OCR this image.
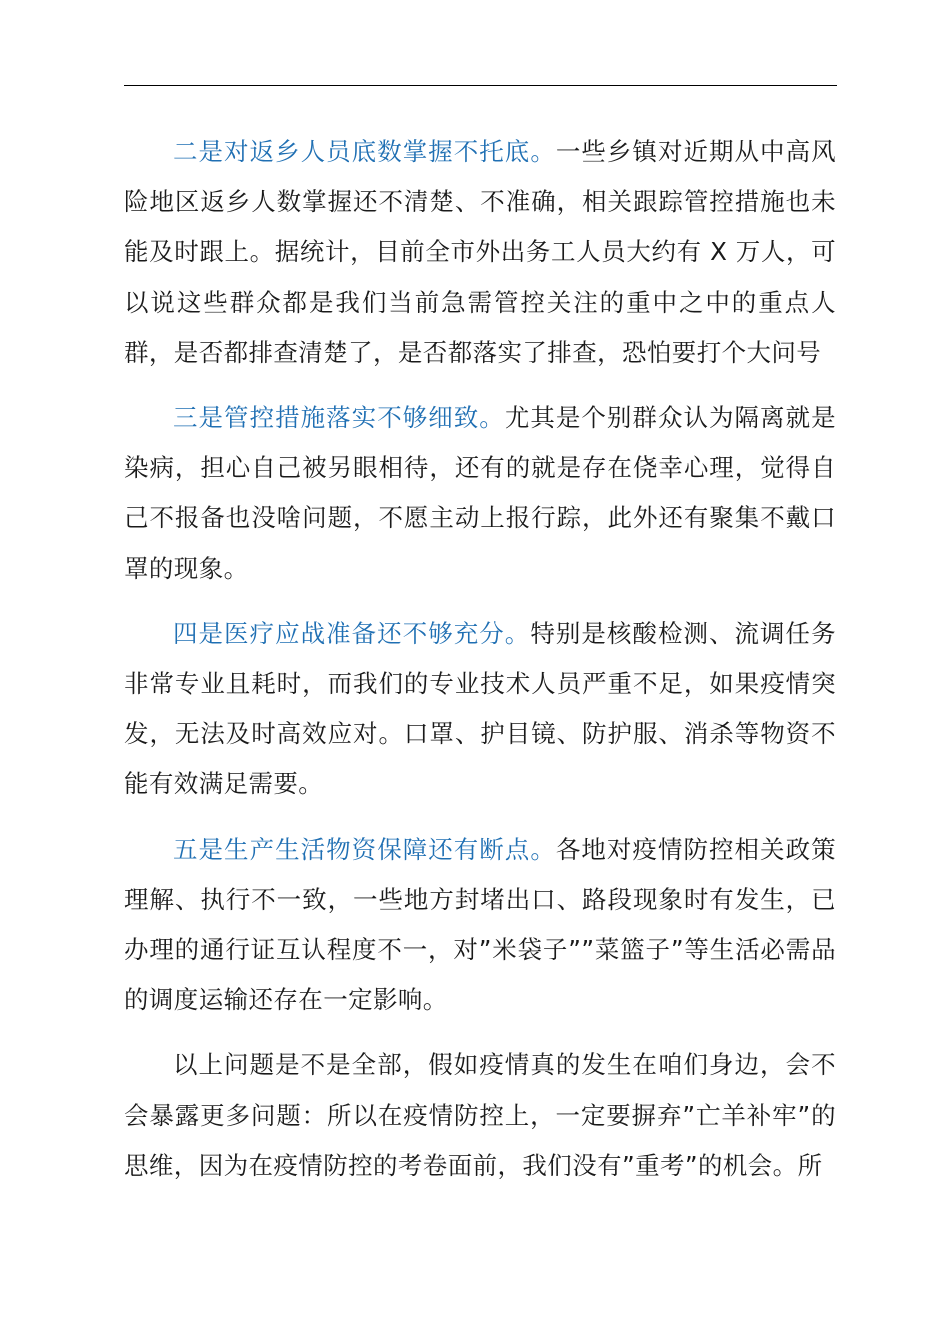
二是对返乡人员底数掌握不托底。一些乡镇对近期从中高风险地区返乡人数掌握还不清楚、不准确，相关跟踪管控措施也未能及时跟上。据统计，目前全市外出务工人员大约有 X 万人，可以说这些群众都是我们当前急需管控关注的重中之中的重点人群，是否都排查清楚了，是否都落实了排查，恐怕要打个大问号

三是管控措施落实不够细致。尤其是个别群众认为隔离就是染病，担心自己被另眼相待，还有的就是存在侥幸心理，觉得自己不报备也没啥问题，不愿主动上报行踪，此外还有聚集不戴口罩的现象。

四是医疗应战准备还不够充分。特别是核酸检测、流调任务非常专业且耗时，而我们的专业技术人员严重不足，如果疫情突发，无法及时高效应对。口罩、护目镜、防护服、消杀等物资不能有效满足需要。

五是生产生活物资保障还有断点。各地对疫情防控相关政策理解、执行不一致，一些地方封堵出口、路段现象时有发生，已办理的通行证互认程度不一，对”米袋子””菜篮子”等生活必需品的调度运输还存在一定影响。

以上问题是不是全部，假如疫情真的发生在咱们身边，会不会暴露更多问题：所以在疫情防控上，一定要摒弃”亡羊补牢”的思维，因为在疫情防控的考卷面前，我们没有”重考”的机会。所
